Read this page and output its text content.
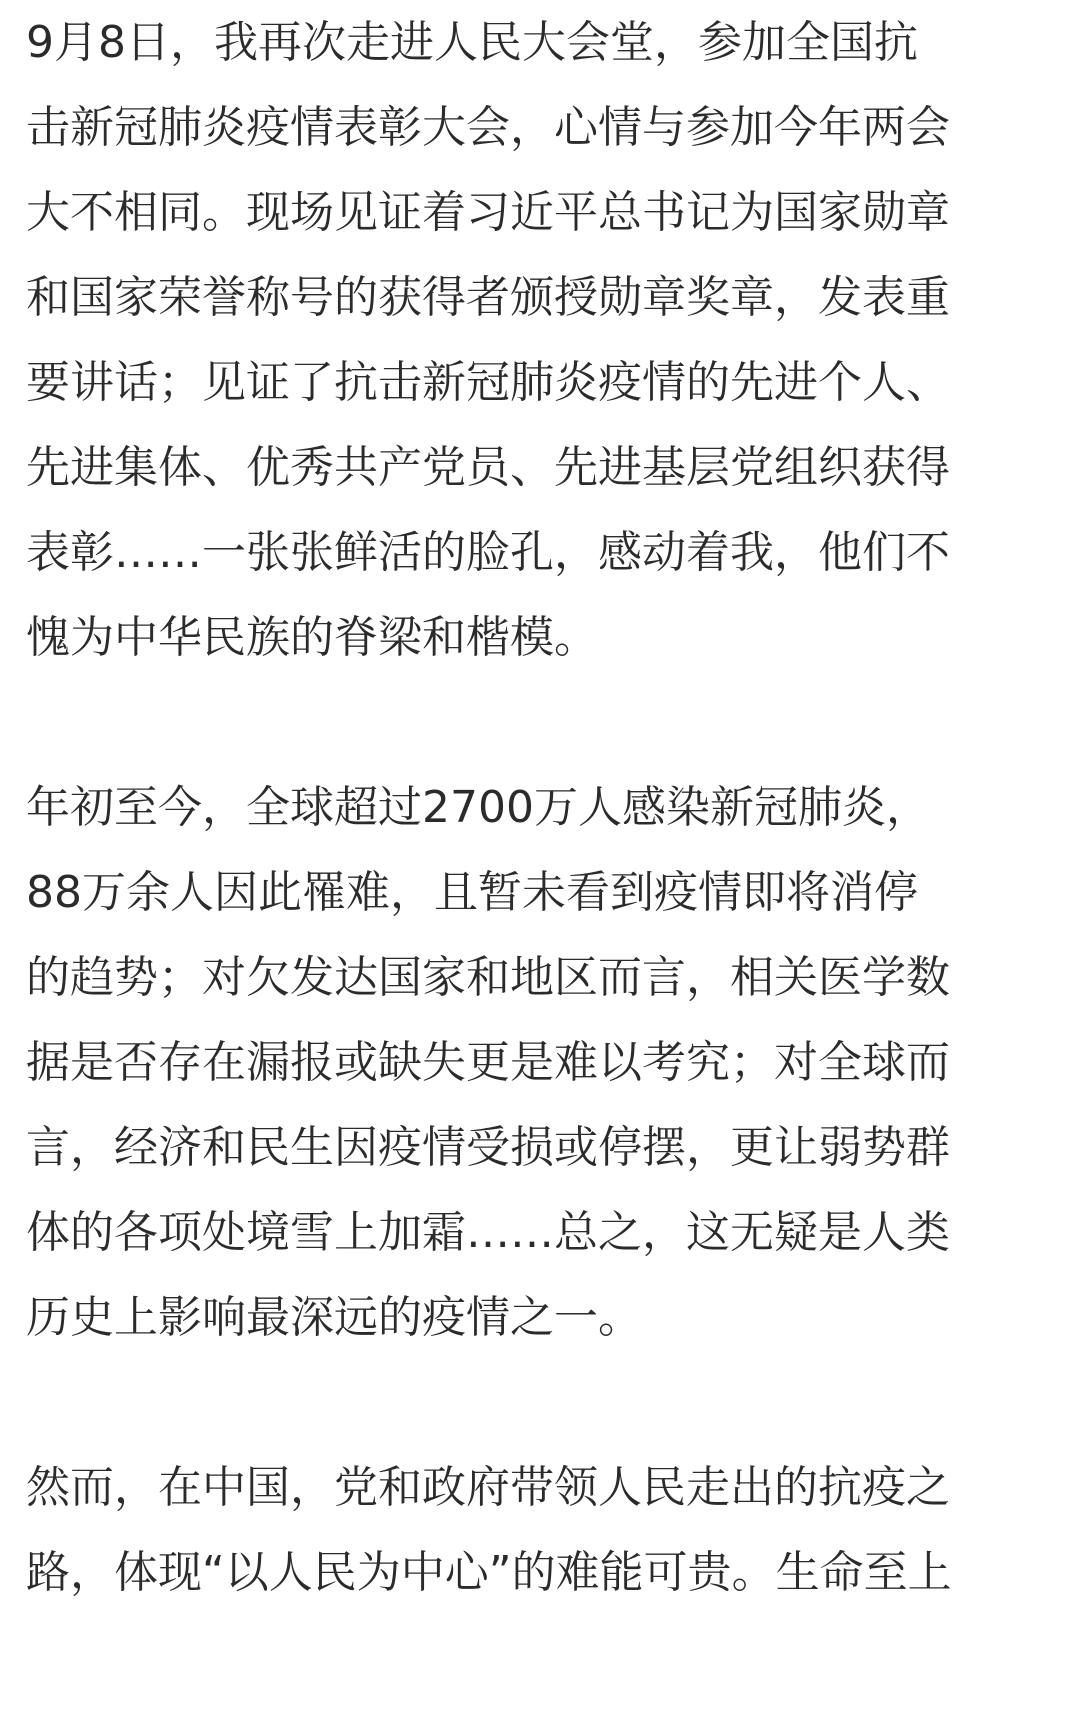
9月8日，我再次走进人民大会堂，参加全国抗
击新冠肺炎疫情表彰大会，心情与参加今年两会
大不相同。现场见证着习近平总书记为国家勋章
和国家荣誉称号的获得者颁授勋章奖章，发表重
要讲话；见证了抗击新冠肺炎疫情的先进个人、
先进集体、优秀共产党员、先进基层党组织获得
表彰……一张张鲜活的脸孔，感动着我，他们不
愧为中华民族的脊梁和楷模。
年初至今，全球超过2700万人感染新冠肺炎，
88万余人因此罹难，且暂未看到疫情即将消停
的趋势；对欠发达国家和地区而言，相关医学数
据是否存在漏报或缺失更是难以考究；对全球而
言，经济和民生因疫情受损或停摆，更让弱势群
体的各项处境雪上加霜……总之，这无疑是人类
历史上影响最深远的疫情之一。
然而，在中国，党和政府带领人民走出的抗疫之
路，体现“以人民为中心”的难能可贵。生命至上
